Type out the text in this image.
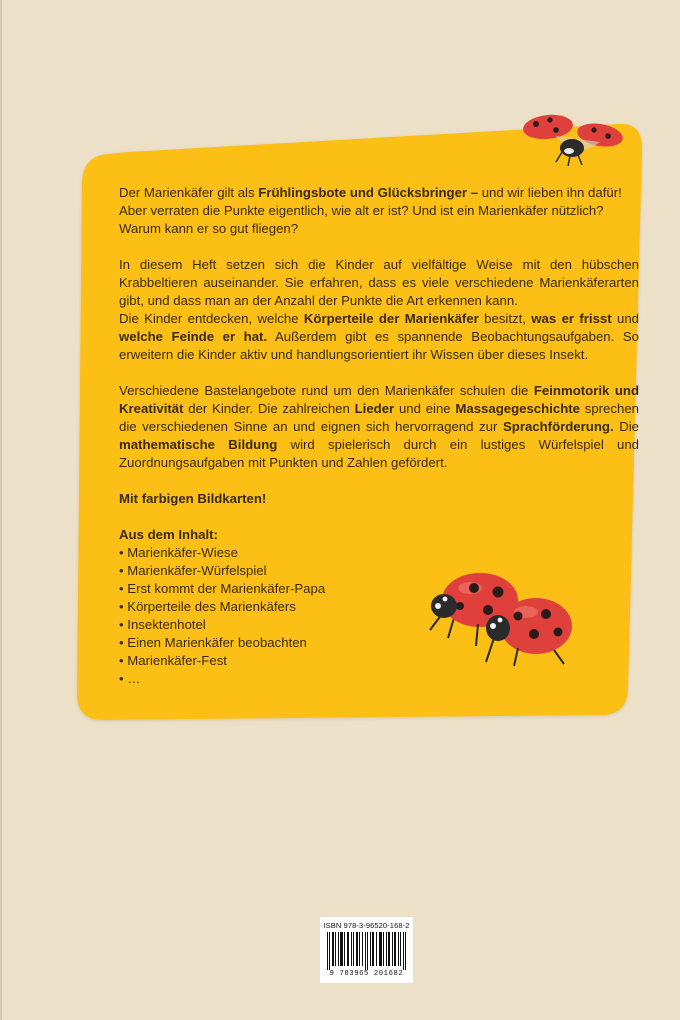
Der Marienkäfer gilt als Frühlingsbote und Glücksbringer – und wir lieben ihn dafür! Aber verraten die Punkte eigentlich, wie alt er ist? Und ist ein Marienkäfer nützlich? Warum kann er so gut fliegen?

In diesem Heft setzen sich die Kinder auf vielfältige Weise mit den hübschen Krabbeltieren auseinander. Sie erfahren, dass es viele verschiedene Marienkäferarten gibt, und dass man an der Anzahl der Punkte die Art erkennen kann.
Die Kinder entdecken, welche Körperteile der Marienkäfer besitzt, was er frisst und welche Feinde er hat. Außerdem gibt es spannende Beobachtungsaufgaben. So erweitern die Kinder aktiv und handlungsorientiert ihr Wissen über dieses Insekt.

Verschiedene Bastelangebote rund um den Marienkäfer schulen die Feinmotorik und Kreativität der Kinder. Die zahlreichen Lieder und eine Massagegeschichte sprechen die verschiedenen Sinne an und eignen sich hervorragend zur Sprachförderung. Die mathematische Bildung wird spielerisch durch ein lustiges Würfelspiel und Zuordnungsaufgaben mit Punkten und Zahlen gefördert.

Mit farbigen Bildkarten!

Aus dem Inhalt:
• Marienkäfer-Wiese
• Marienkäfer-Würfelspiel
• Erst kommt der Marienkäfer-Papa
• Körperteile des Marienkäfers
• Insektenhotel
• Einen Marienkäfer beobachten
• Marienkäfer-Fest
• …
ISBN 978-3-96520-168-2
9 783965 201682
